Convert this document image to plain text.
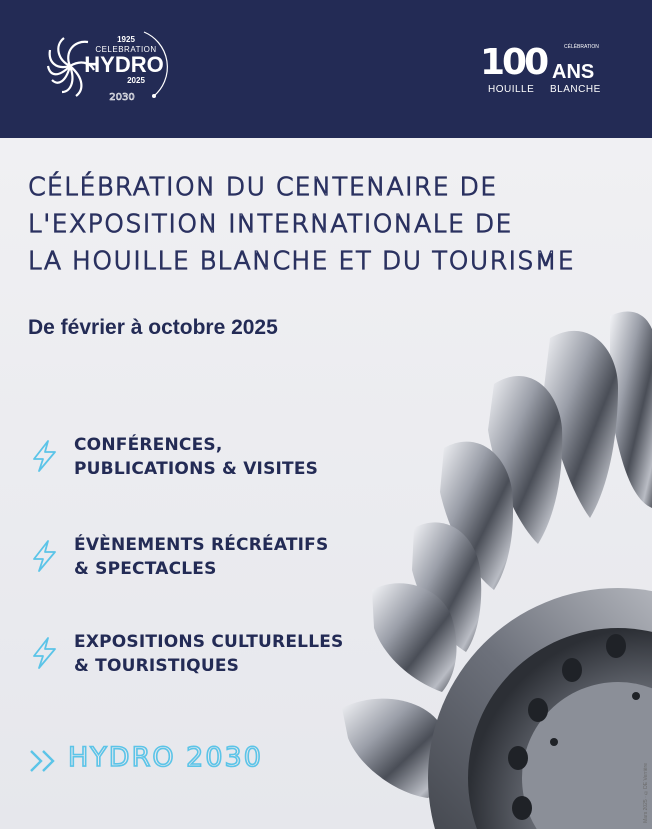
1925
CELEBRATION
HYDRO
2025
2030
100	CÉLÉBRATION
ANS
HOUILLE BLANCHE
CÉLÉBRATION DU CENTENAIRE DE
L'EXPOSITION INTERNATIONALE DE
LA HOUILLE BLANCHE ET DU TOURISME

De février à octobre 2025

CONFÉRENCES,
PUBLICATIONS & VISITES
ÉVÈNEMENTS RÉCRÉATIFS
& SPECTACLES
EXPOSITIONS CULTURELLES
& TOURISTIQUES
HYDRO 2030
Mars 2025 · ©DE Verrière
